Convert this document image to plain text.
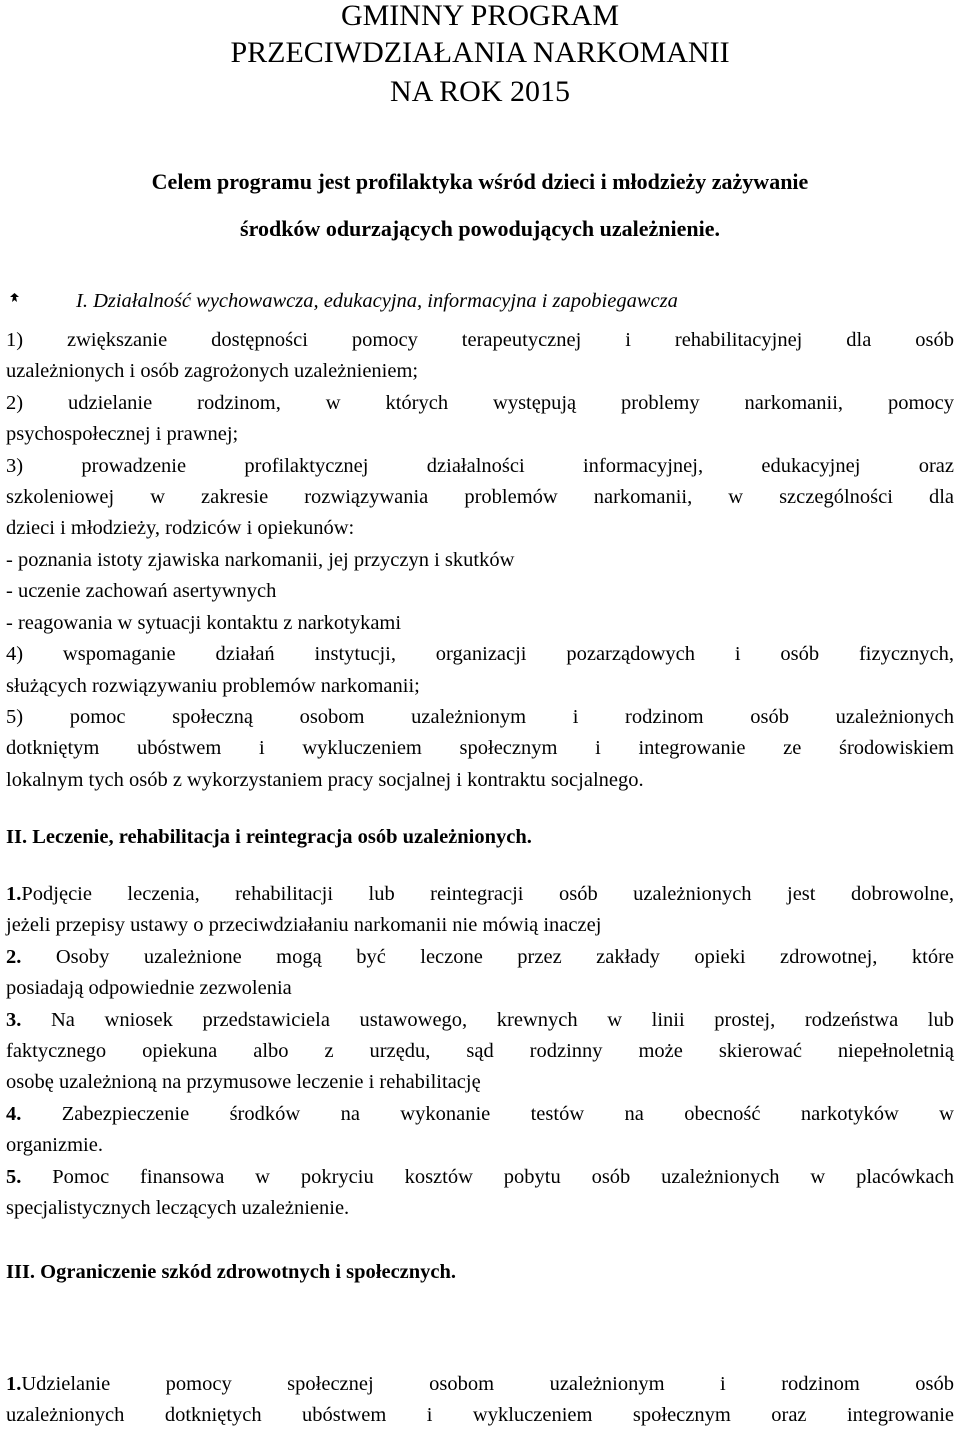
GMINNY PROGRAM
PRZECIWDZIAŁANIA NARKOMANII
NA ROK 2015
Celem programu jest profilaktyka wśród dzieci i młodzieży zażywanie
środków odurzających powodujących uzależnienie.
I. Działalność wychowawcza, edukacyjna, informacyjna i zapobiegawcza
1) zwiększanie dostępności pomocy terapeutycznej i rehabilitacyjnej dla osób
uzależnionych i osób zagrożonych uzależnieniem;
2) udzielanie rodzinom, w których występują problemy narkomanii, pomocy
psychospołecznej i prawnej;
3) prowadzenie profilaktycznej działalności informacyjnej, edukacyjnej oraz
szkoleniowej w zakresie rozwiązywania problemów narkomanii, w szczególności dla
dzieci i młodzieży, rodziców i opiekunów:
- poznania istoty zjawiska narkomanii, jej przyczyn i skutków
- uczenie zachowań asertywnych
- reagowania w sytuacji kontaktu z narkotykami
4) wspomaganie działań instytucji, organizacji pozarządowych i osób fizycznych,
służących rozwiązywaniu problemów narkomanii;
5) pomoc społeczną osobom uzależnionym i rodzinom osób uzależnionych
dotkniętym ubóstwem i wykluczeniem społecznym i integrowanie ze środowiskiem
lokalnym tych osób z wykorzystaniem pracy socjalnej i kontraktu socjalnego.
II. Leczenie, rehabilitacja i reintegracja osób uzależnionych.
1.Podjęcie leczenia, rehabilitacji lub reintegracji osób uzależnionych jest dobrowolne,
jeżeli przepisy ustawy o przeciwdziałaniu narkomanii nie mówią inaczej
2. Osoby uzależnione mogą być leczone przez zakłady opieki zdrowotnej, które
posiadają odpowiednie zezwolenia
3. Na wniosek przedstawiciela ustawowego, krewnych w linii prostej, rodzeństwa lub
faktycznego opiekuna albo z urzędu, sąd rodzinny może skierować niepełnoletnią
osobę uzależnioną na przymusowe leczenie i rehabilitację
4. Zabezpieczenie środków na wykonanie testów na obecność narkotyków w
organizmie.
5. Pomoc finansowa w pokryciu kosztów pobytu osób uzależnionych w placówkach
specjalistycznych leczących uzależnienie.
III. Ograniczenie szkód zdrowotnych i społecznych.
1.Udzielanie pomocy społecznej osobom uzależnionym i rodzinom osób
uzależnionych dotkniętych ubóstwem i wykluczeniem społecznym oraz integrowanie
